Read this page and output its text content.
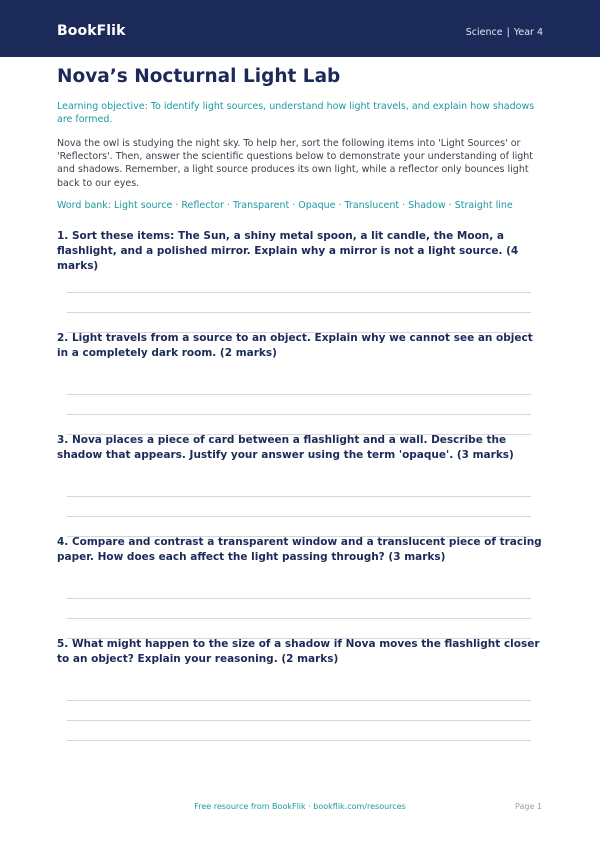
BookFlik	Science | Year 4
Nova’s Nocturnal Light Lab

Learning objective: To identify light sources, understand how light travels, and explain how shadows are formed.

Nova the owl is studying the night sky. To help her, sort the following items into 'Light Sources' or 'Reflectors'. Then, answer the scientific questions below to demonstrate your understanding of light and shadows. Remember, a light source produces its own light, while a reflector only bounces light back to our eyes.

Word bank: Light source · Reflector · Transparent · Opaque · Translucent · Shadow · Straight line

1. Sort these items: The Sun, a shiny metal spoon, a lit candle, the Moon, a flashlight, and a polished mirror. Explain why a mirror is not a light source. (4 marks)

2. Light travels from a source to an object. Explain why we cannot see an object in a completely dark room. (2 marks)

3. Nova places a piece of card between a flashlight and a wall. Describe the shadow that appears. Justify your answer using the term 'opaque'. (3 marks)

4. Compare and contrast a transparent window and a translucent piece of tracing paper. How does each affect the light passing through? (3 marks)

5. What might happen to the size of a shadow if Nova moves the flashlight closer to an object? Explain your reasoning. (2 marks)

Free resource from BookFlik · bookflik.com/resources	Page 1
